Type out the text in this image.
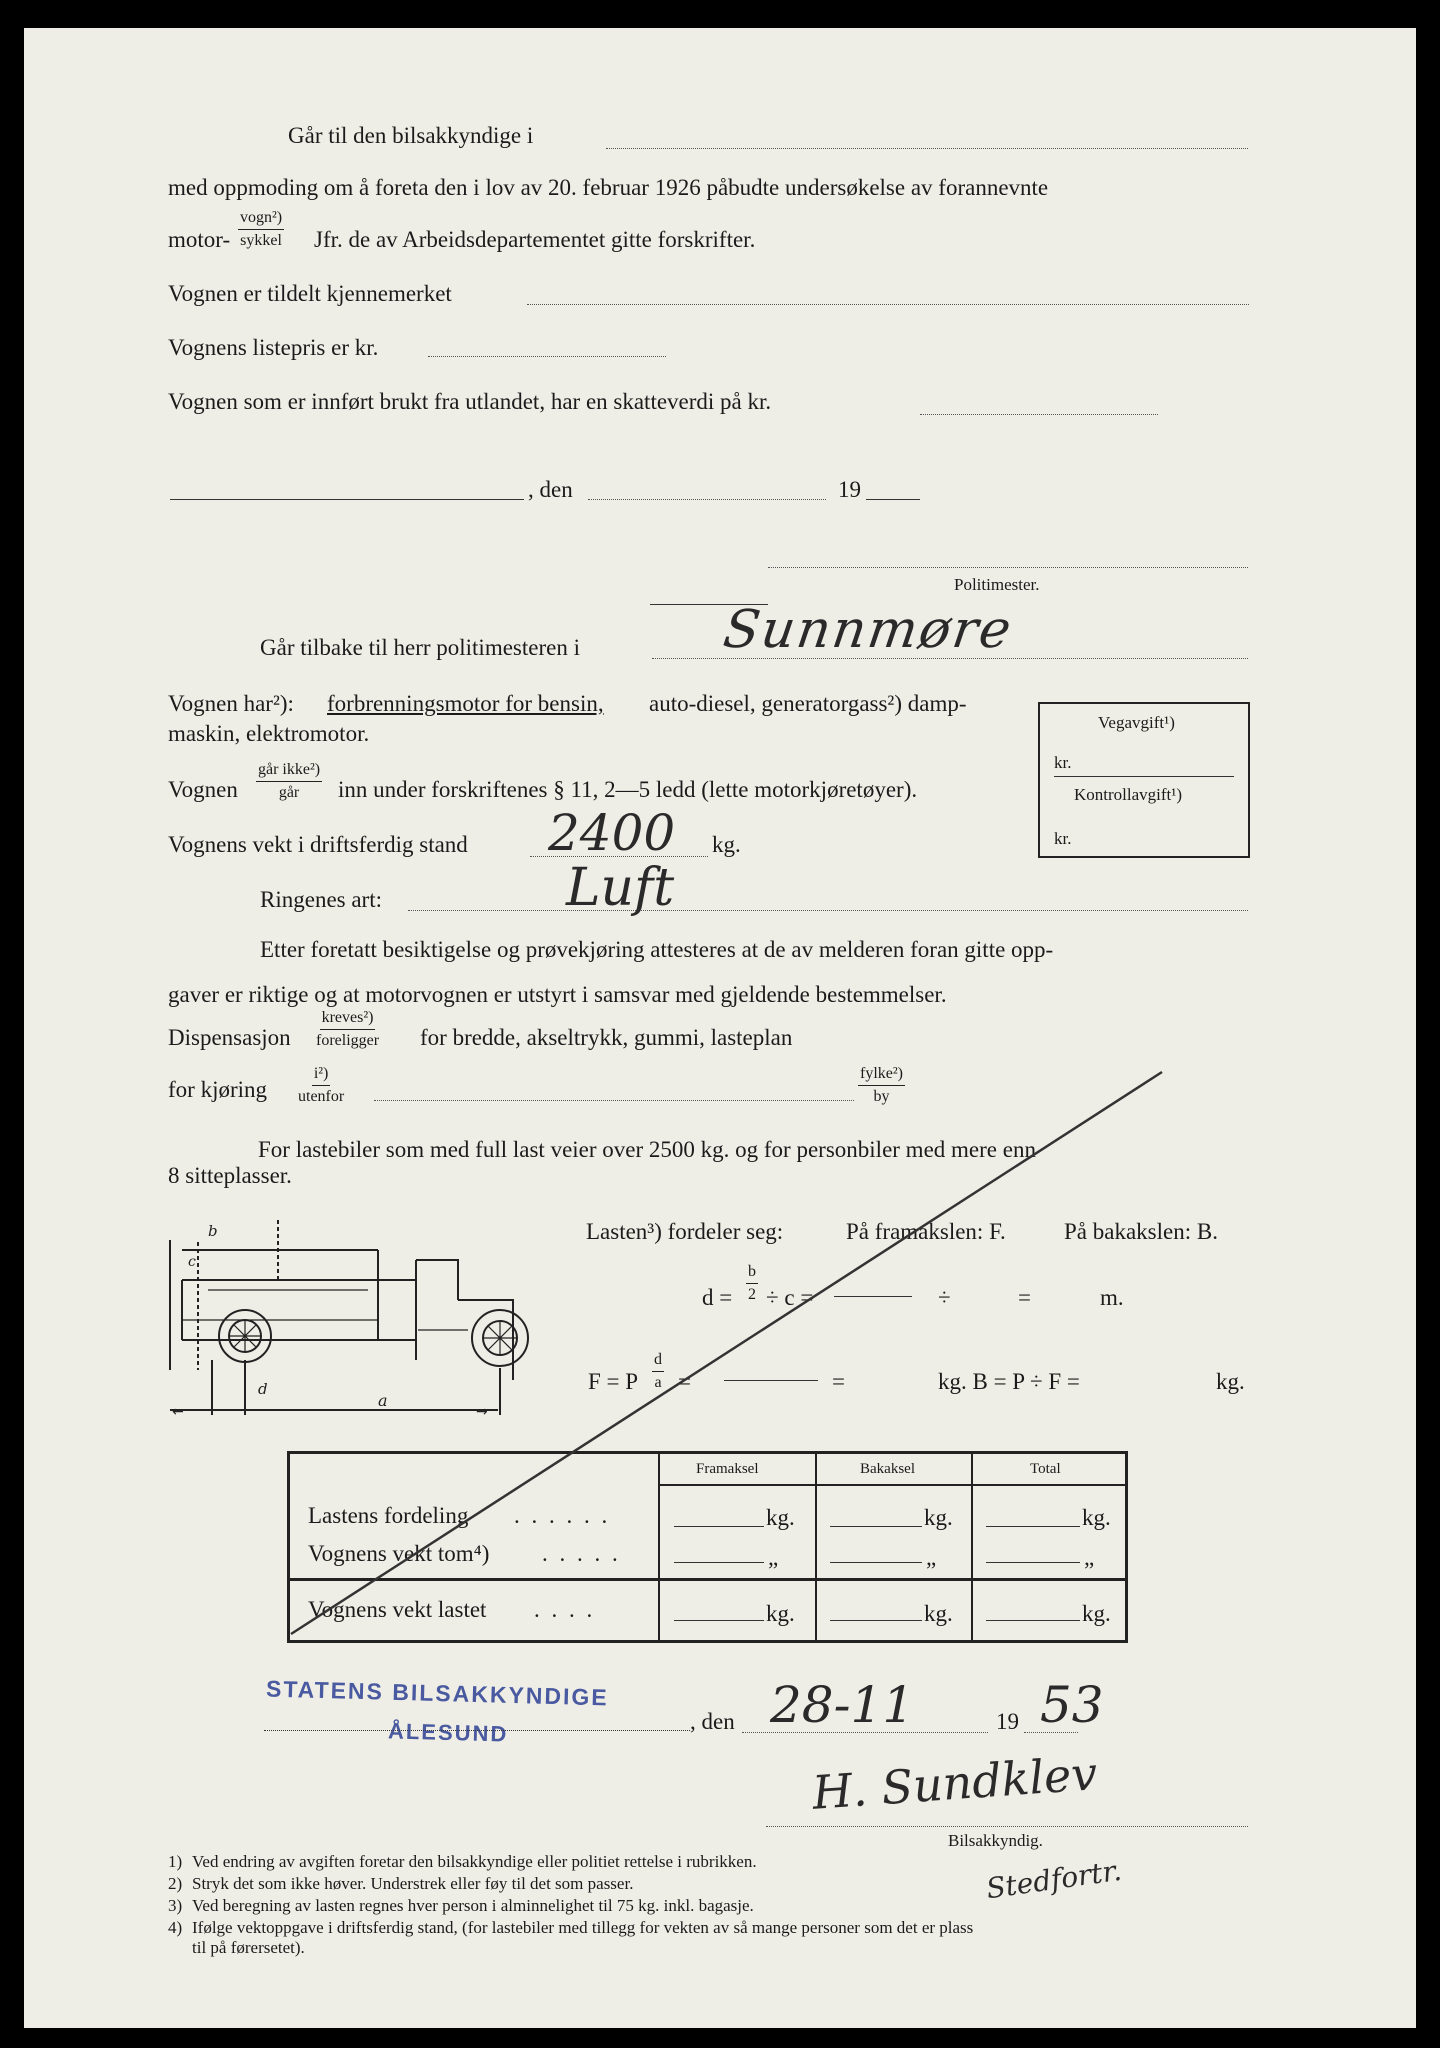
Går til den bilsakkyndige i
med oppmoding om å foreta den i lov av 20. februar 1926 påbudte undersøkelse av forannevnte
motor-
vogn²)
sykkel Jfr. de av Arbeidsdepartementet gitte forskrifter.
Vognen er tildelt kjennemerket
Vognens listepris er kr.
Vognen som er innført brukt fra utlandet, har en skatteverdi på kr.
, den	19
Politimester.
Går tilbake til herr politimesteren i	Sunnmøre
Vognen har²): forbrenningsmotor for bensin, auto-diesel, generatorgass²) damp-
maskin, elektromotor.
Vognen
går ikke²)
går inn under forskriftenes § 11, 2—5 ledd (lette motorkjøretøyer).
Vognens vekt i driftsferdig stand 2400 kg.
Ringenes art:	Luft
Vegavgift¹)
kr.
Kontrollavgift¹)
kr.
Etter foretatt besiktigelse og prøvekjøring attesteres at de av melderen foran gitte opp-
gaver er riktige og at motorvognen er utstyrt i samsvar med gjeldende bestemmelser.
Dispensasjon
kreves²)
foreligger for bredde, akseltrykk, gummi, lasteplan
for kjøring
i²)
utenfor
fylke²)
by
For lastebiler som med full last veier over 2500 kg. og for personbiler med mere enn
8 sitteplasser.
b
c
d
a
←	→
Lasten³) fordeler seg:	På framakslen: F.	På bakakslen: B.
$d = \frac{b}{2} \div c$ =	÷	=	m.
F = P $\frac{d}{a}$ =	=	kg. B = P ÷ F =	kg.
Framaksel	Bakaksel	Total
Lastens fordeling . . . . . .	kg.	kg.	kg.
Vognens vekt tom⁴) . . . . .	„	„	„
Vognens vekt lastet . . . .	kg.	kg.	kg.
STATENS BILSAKKYNDIGE
ÅLESUND	, den 28-11	19 53
H. Sundklev
Bilsakkyndig.
Stedfortr.
1) Ved endring av avgiften foretar den bilsakkyndige eller politiet rettelse i rubrikken.
2) Stryk det som ikke høver. Understrek eller føy til det som passer.
3) Ved beregning av lasten regnes hver person i alminnelighet til 75 kg. inkl. bagasje.
4) Ifølge vektoppgave i driftsferdig stand, (for lastebiler med tillegg for vekten av så mange personer som det er plass
til på førersetet).
